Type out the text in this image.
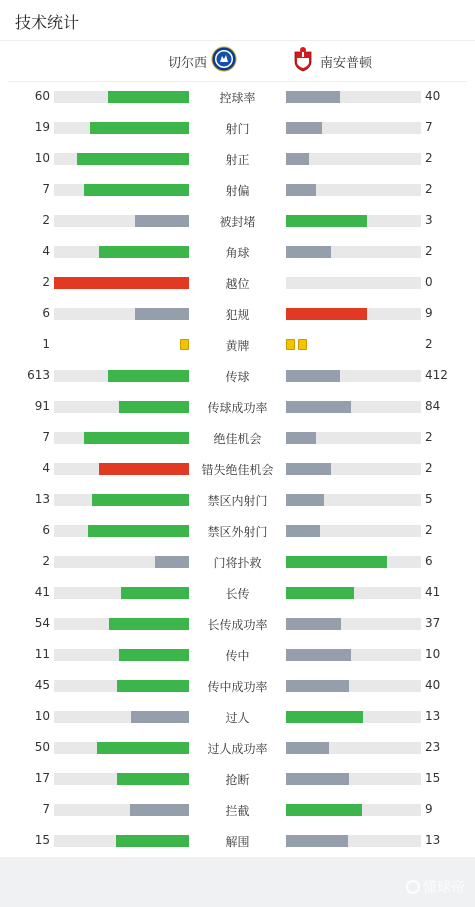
技术统计
切尔西	南安普顿
60	控球率	40
19	射门	7
10	射正	2
7	射偏	2
2	被封堵	3
4	角球	2
2	越位	0
6	犯规	9
1	黄牌	2
613	传球	412
91	传球成功率	84
7	绝佳机会	2
4	错失绝佳机会	2
13	禁区内射门	5
6	禁区外射门	2
2	门将扑救	6
41	长传	41
54	长传成功率	37
11	传中	10
45	传中成功率	40
10	过人	13
50	过人成功率	23
17	抢断	15
7	拦截	9
15	解围	13
懂球帝
